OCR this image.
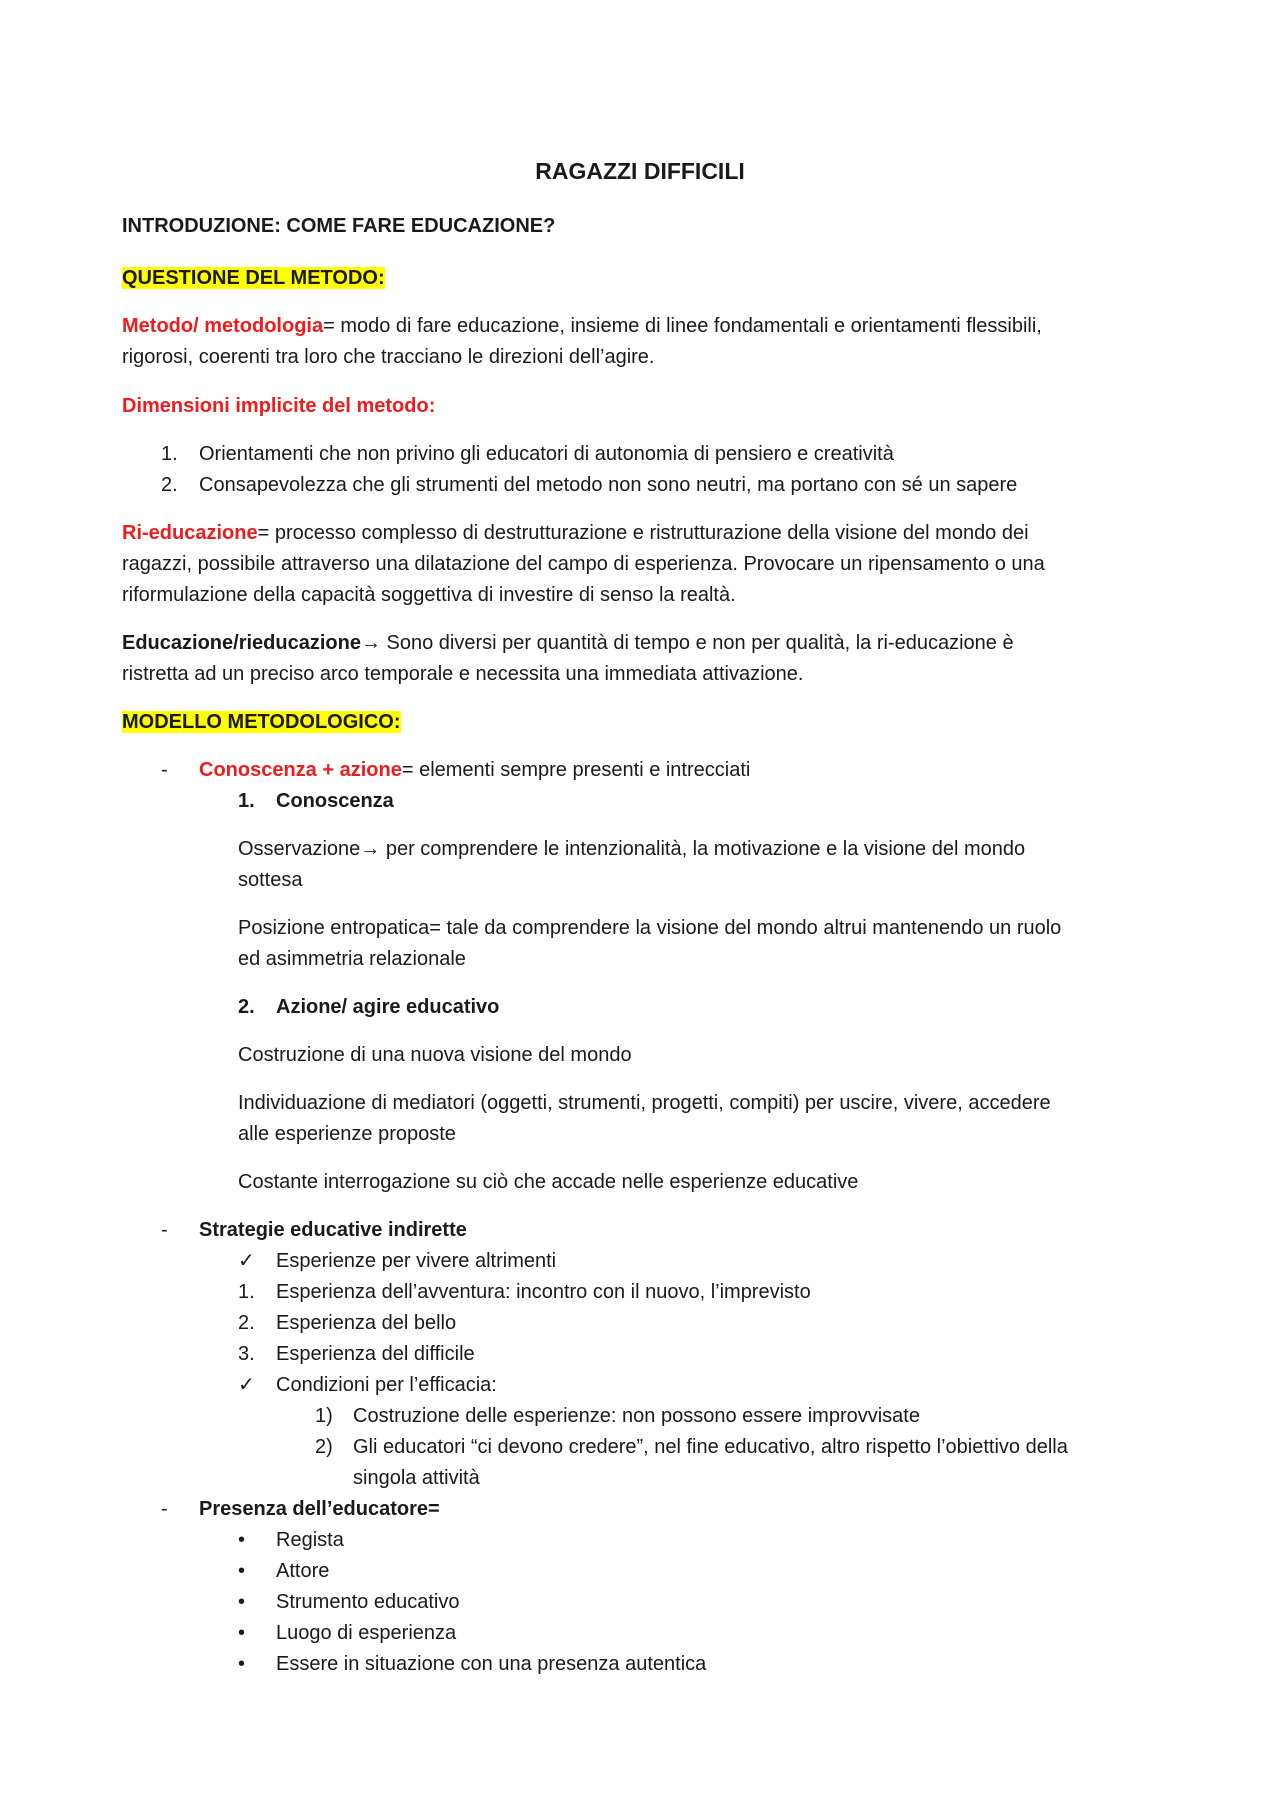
RAGAZZI DIFFICILI
INTRODUZIONE: COME FARE EDUCAZIONE?
QUESTIONE DEL METODO:
Metodo/ metodologia= modo di fare educazione, insieme di linee fondamentali e orientamenti flessibili,
rigorosi, coerenti tra loro che tracciano le direzioni dell’agire.
Dimensioni implicite del metodo:
1. Orientamenti che non privino gli educatori di autonomia di pensiero e creatività
2. Consapevolezza che gli strumenti del metodo non sono neutri, ma portano con sé un sapere
Ri-educazione= processo complesso di destrutturazione e ristrutturazione della visione del mondo dei
ragazzi, possibile attraverso una dilatazione del campo di esperienza. Provocare un ripensamento o una
riformulazione della capacità soggettiva di investire di senso la realtà.
Educazione/rieducazione→ Sono diversi per quantità di tempo e non per qualità, la ri-educazione è
ristretta ad un preciso arco temporale e necessita una immediata attivazione.
MODELLO METODOLOGICO:
- Conoscenza + azione= elementi sempre presenti e intrecciati
1. Conoscenza
Osservazione→ per comprendere le intenzionalità, la motivazione e la visione del mondo
sottesa
Posizione entropatica= tale da comprendere la visione del mondo altrui mantenendo un ruolo
ed asimmetria relazionale
2. Azione/ agire educativo
Costruzione di una nuova visione del mondo
Individuazione di mediatori (oggetti, strumenti, progetti, compiti) per uscire, vivere, accedere
alle esperienze proposte
Costante interrogazione su ciò che accade nelle esperienze educative
- Strategie educative indirette
✓ Esperienze per vivere altrimenti
1. Esperienza dell’avventura: incontro con il nuovo, l’imprevisto
2. Esperienza del bello
3. Esperienza del difficile
✓ Condizioni per l’efficacia:
1) Costruzione delle esperienze: non possono essere improvvisate
2) Gli educatori “ci devono credere”, nel fine educativo, altro rispetto l’obiettivo della
singola attività
- Presenza dell’educatore=
• Regista
• Attore
• Strumento educativo
• Luogo di esperienza
• Essere in situazione con una presenza autentica
